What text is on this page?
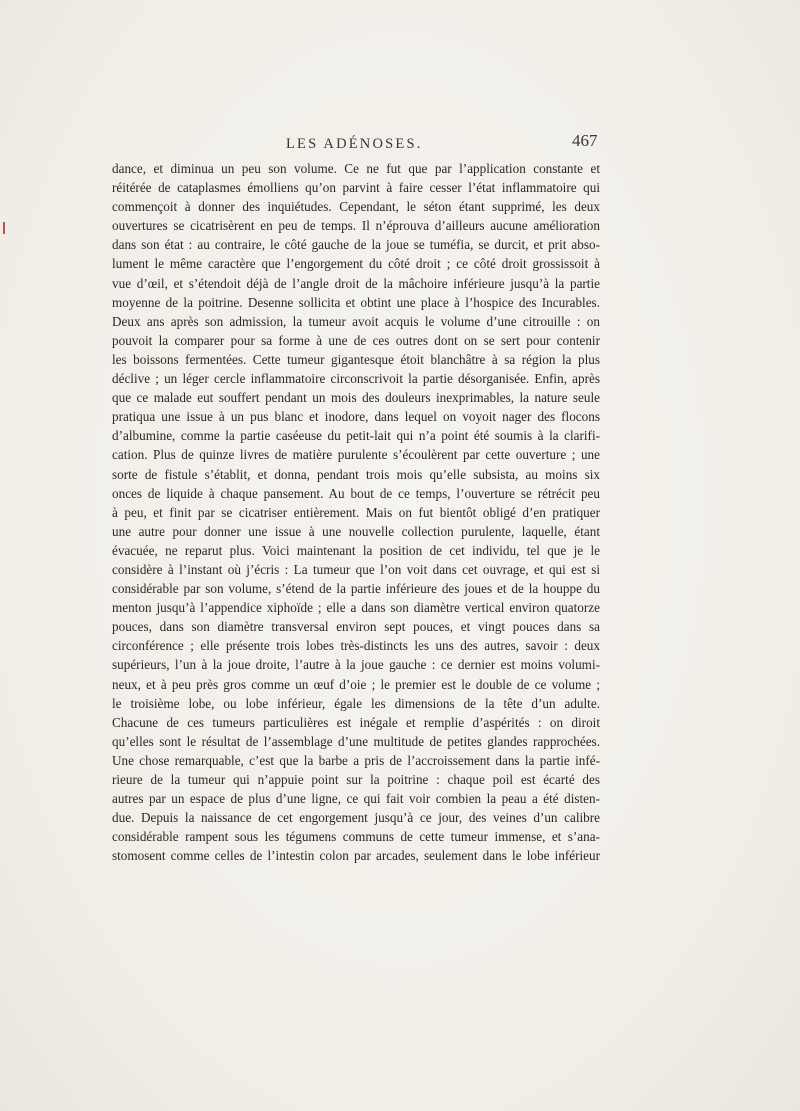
LES ADÉNOSES.	467
dance, et diminua un peu son volume. Ce ne fut que par l’application constante et
réitérée de cataplasmes émolliens qu’on parvint à faire cesser l’état inflammatoire qui
commençoit à donner des inquiétudes. Cependant, le séton étant supprimé, les deux
ouvertures se cicatrisèrent en peu de temps. Il n’éprouva d’ailleurs aucune amélioration
dans son état : au contraire, le côté gauche de la joue se tuméfia, se durcit, et prit abso-
lument le même caractère que l’engorgement du côté droit ; ce côté droit grossissoit à
vue d’œil, et s’étendoit déjà de l’angle droit de la mâchoire inférieure jusqu’à la partie
moyenne de la poitrine. Desenne sollicita et obtint une place à l’hospice des Incurables.
Deux ans après son admission, la tumeur avoit acquis le volume d’une citrouille : on
pouvoit la comparer pour sa forme à une de ces outres dont on se sert pour contenir
les boissons fermentées. Cette tumeur gigantesque étoit blanchâtre à sa région la plus
déclive ; un léger cercle inflammatoire circonscrivoit la partie désorganisée. Enfin, après
que ce malade eut souffert pendant un mois des douleurs inexprimables, la nature seule
pratiqua une issue à un pus blanc et inodore, dans lequel on voyoit nager des flocons
d’albumine, comme la partie caséeuse du petit-lait qui n’a point été soumis à la clarifi-
cation. Plus de quinze livres de matière purulente s’écoulèrent par cette ouverture ; une
sorte de fistule s’établit, et donna, pendant trois mois qu’elle subsista, au moins six
onces de liquide à chaque pansement. Au bout de ce temps, l’ouverture se rétrécit peu
à peu, et finit par se cicatriser entièrement. Mais on fut bientôt obligé d’en pratiquer
une autre pour donner une issue à une nouvelle collection purulente, laquelle, étant
évacuée, ne reparut plus. Voici maintenant la position de cet individu, tel que je le
considère à l’instant où j’écris : La tumeur que l’on voit dans cet ouvrage, et qui est si
considérable par son volume, s’étend de la partie inférieure des joues et de la houppe du
menton jusqu’à l’appendice xiphoïde ; elle a dans son diamètre vertical environ quatorze
pouces, dans son diamètre transversal environ sept pouces, et vingt pouces dans sa
circonférence ; elle présente trois lobes très-distincts les uns des autres, savoir : deux
supérieurs, l’un à la joue droite, l’autre à la joue gauche : ce dernier est moins volumi-
neux, et à peu près gros comme un œuf d’oie ; le premier est le double de ce volume ;
le troisième lobe, ou lobe inférieur, égale les dimensions de la tête d’un adulte.
Chacune de ces tumeurs particulières est inégale et remplie d’aspérités : on diroit
qu’elles sont le résultat de l’assemblage d’une multitude de petites glandes rapprochées.
Une chose remarquable, c’est que la barbe a pris de l’accroissement dans la partie infé-
rieure de la tumeur qui n’appuie point sur la poitrine : chaque poil est écarté des
autres par un espace de plus d’une ligne, ce qui fait voir combien la peau a été disten-
due. Depuis la naissance de cet engorgement jusqu’à ce jour, des veines d’un calibre
considérable rampent sous les tégumens communs de cette tumeur immense, et s’ana-
stomosent comme celles de l’intestin colon par arcades, seulement dans le lobe inférieur
